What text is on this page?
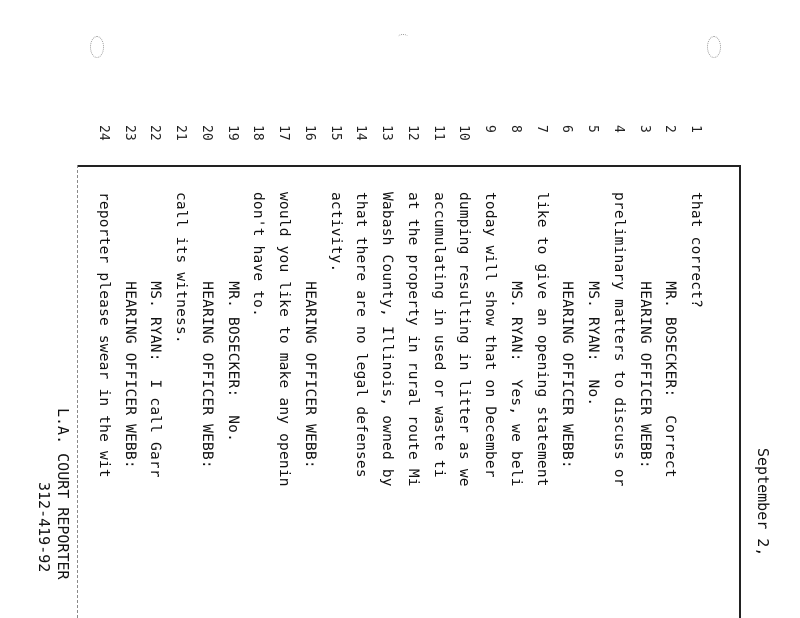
September 2,
1
2
3
4
5
6
7
8
9
10
11
12
13
14
15
16
17
18
19
20
21
22
23
24
that correct?
MR. BOSECKER:  Correct
HEARING OFFICER WEBB:
preliminary matters to discuss or
MS. RYAN:  No.
HEARING OFFICER WEBB:
like to give an opening statement
MS. RYAN:  Yes, we beli
today will show that on December
dumping resulting in litter as we
accumulating in used or waste ti
at the property in rural route Mi
Wabash County, Illinois, owned by
that there are no legal defenses
activity.
HEARING OFFICER WEBB:
would you like to make any openin
don't have to.
MR. BOSECKER:  No.
HEARING OFFICER WEBB:
call its witness.
MS. RYAN:  I call Garr
HEARING OFFICER WEBB:
reporter please swear in the wit
L.A. COURT REPORTER
312-419-92
